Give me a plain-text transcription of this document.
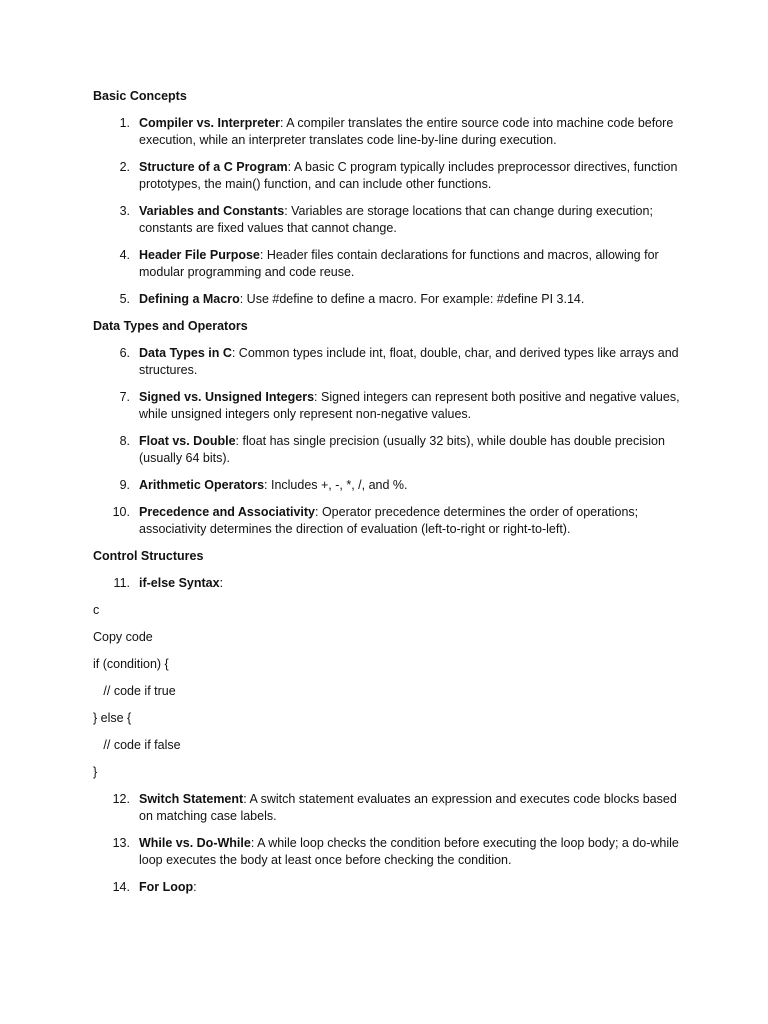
Basic Concepts
1. Compiler vs. Interpreter: A compiler translates the entire source code into machine code before execution, while an interpreter translates code line-by-line during execution.
2. Structure of a C Program: A basic C program typically includes preprocessor directives, function prototypes, the main() function, and can include other functions.
3. Variables and Constants: Variables are storage locations that can change during execution; constants are fixed values that cannot change.
4. Header File Purpose: Header files contain declarations for functions and macros, allowing for modular programming and code reuse.
5. Defining a Macro: Use #define to define a macro. For example: #define PI 3.14.
Data Types and Operators
6. Data Types in C: Common types include int, float, double, char, and derived types like arrays and structures.
7. Signed vs. Unsigned Integers: Signed integers can represent both positive and negative values, while unsigned integers only represent non-negative values.
8. Float vs. Double: float has single precision (usually 32 bits), while double has double precision (usually 64 bits).
9. Arithmetic Operators: Includes +, -, *, /, and %.
10. Precedence and Associativity: Operator precedence determines the order of operations; associativity determines the direction of evaluation (left-to-right or right-to-left).
Control Structures
11. if-else Syntax:
c
Copy code
if (condition) {
// code if true
} else {
// code if false
}
12. Switch Statement: A switch statement evaluates an expression and executes code blocks based on matching case labels.
13. While vs. Do-While: A while loop checks the condition before executing the loop body; a do-while loop executes the body at least once before checking the condition.
14. For Loop:
